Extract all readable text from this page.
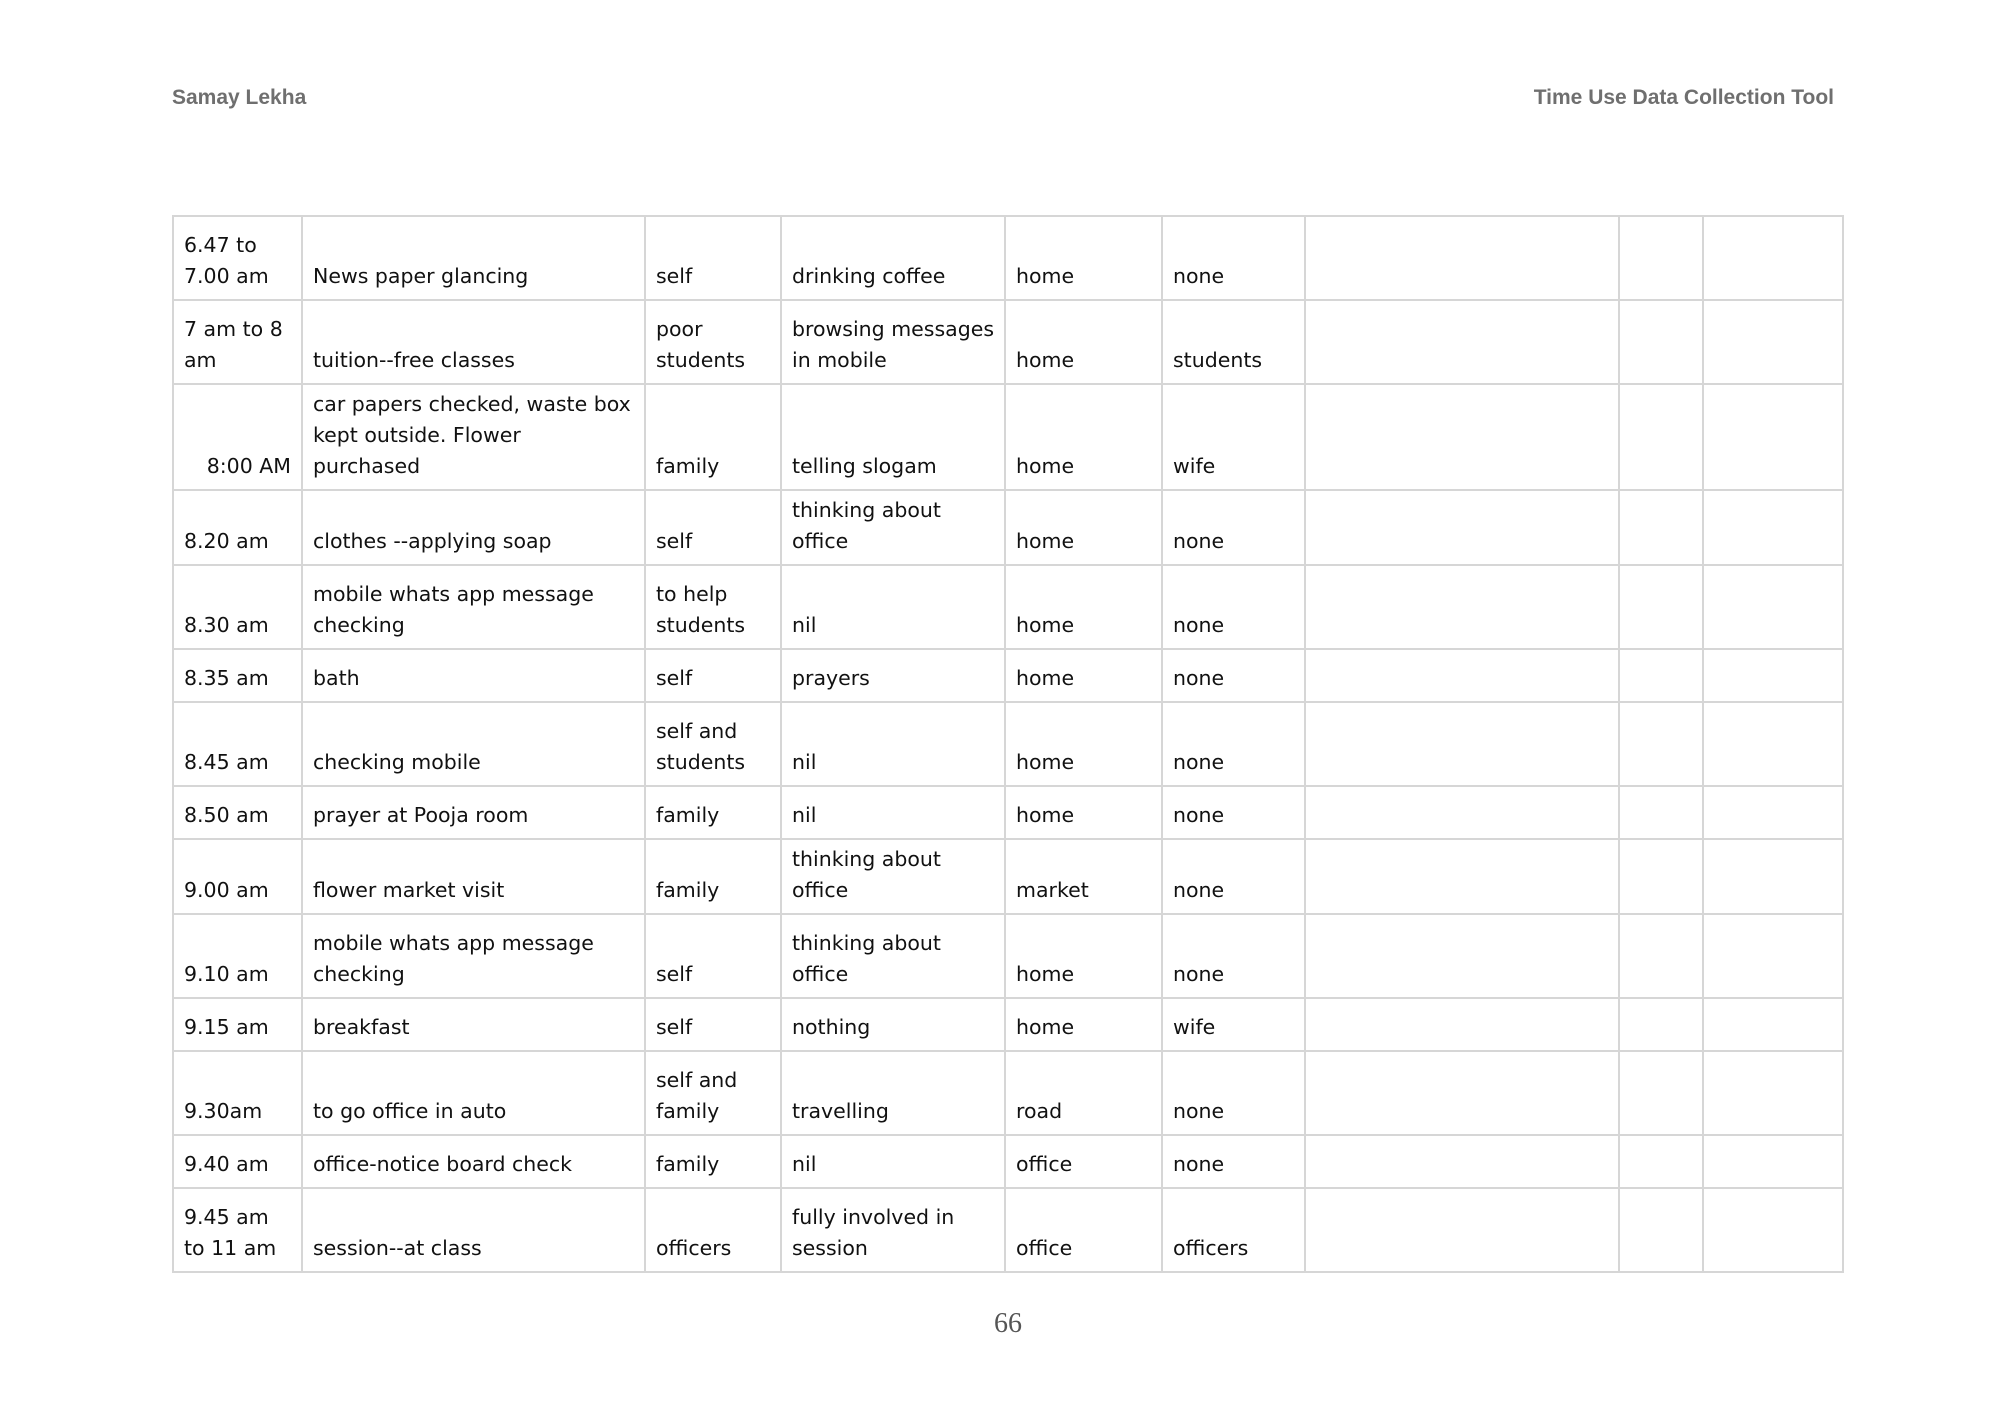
Samay Lekha	Time Use Data Collection Tool
6.47 to 7.00 am	News paper glancing	self	drinking coffee	home	none			
7 am to 8 am	tuition--free classes	poor students	browsing messages in mobile	home	students			
8:00 AM	car papers checked, waste box kept outside. Flower purchased	family	telling slogam	home	wife			
8.20 am	clothes --applying soap	self	thinking about office	home	none			
8.30 am	mobile whats app message checking	to help students	nil	home	none			
8.35 am	bath	self	prayers	home	none			
8.45 am	checking mobile	self and students	nil	home	none			
8.50 am	prayer at Pooja room	family	nil	home	none			
9.00 am	flower market visit	family	thinking about office	market	none			
9.10 am	mobile whats app message checking	self	thinking about office	home	none			
9.15 am	breakfast	self	nothing	home	wife			
9.30am	to go office in auto	self and family	travelling	road	none			
9.40 am	office-notice board check	family	nil	office	none			
9.45 am to 11 am	session--at class	officers	fully involved in session	office	officers			
66
